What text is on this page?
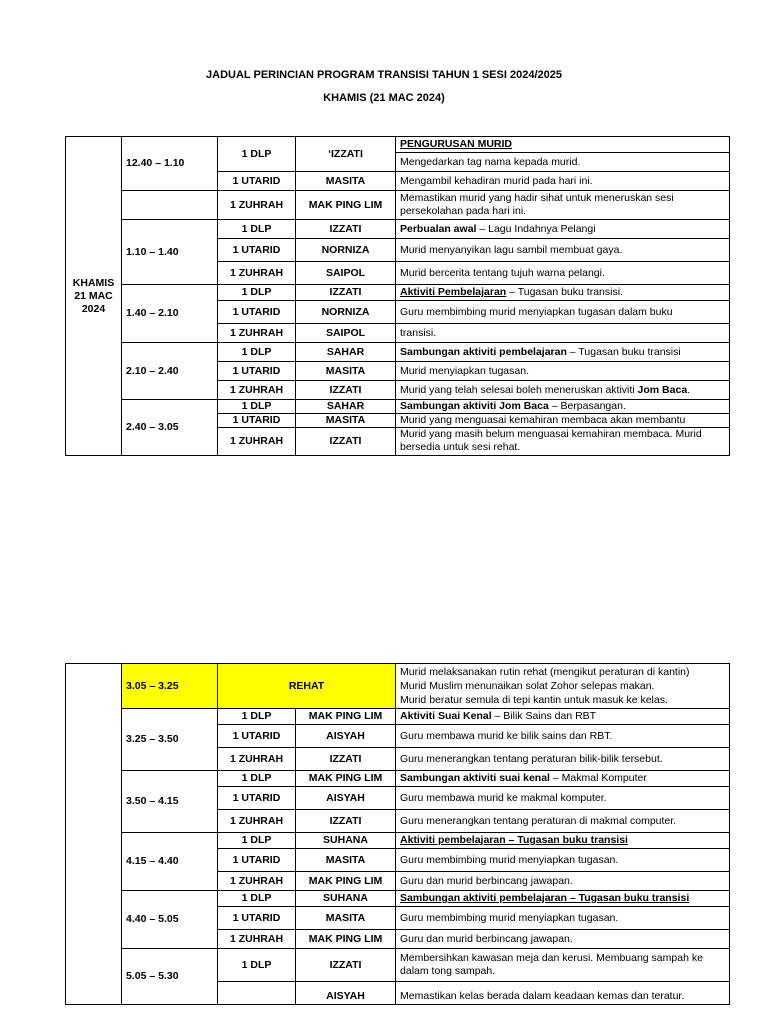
JADUAL PERINCIAN PROGRAM TRANSISI TAHUN 1 SESI 2024/2025
KHAMIS (21 MAC 2024)
KHAMIS
21 MAC
2024	12.40 – 1.10	1 DLP	‘IZZATI	PENGURUSAN MURID
				Mengedarkan tag nama kepada murid.
		1 UTARID	MASITA	Mengambil kehadiran murid pada hari ini.
		1 ZUHRAH	MAK PING LIM	Memastikan murid yang hadir sihat untuk meneruskan sesi persekolahan pada hari ini.
	1.10 – 1.40	1 DLP	IZZATI	Perbualan awal – Lagu Indahnya Pelangi
		1 UTARID	NORNIZA	Murid menyanyikan lagu sambil membuat gaya.
		1 ZUHRAH	SAIPOL	Murid bercerita tentang tujuh warna pelangi.
	1.40 – 2.10	1 DLP	IZZATI	Aktiviti Pembelajaran – Tugasan buku transisi.
		1 UTARID	NORNIZA	Guru membimbing murid menyiapkan tugasan dalam buku
		1 ZUHRAH	SAIPOL	transisi.
	2.10 – 2.40	1 DLP	SAHAR	Sambungan aktiviti pembelajaran – Tugasan buku transisi
		1 UTARID	MASITA	Murid menyiapkan tugasan.
		1 ZUHRAH	IZZATI	Murid yang telah selesai boleh meneruskan aktiviti Jom Baca.
	2.40 – 3.05	1 DLP	SAHAR	Sambungan aktiviti Jom Baca – Berpasangan.
		1 UTARID	MASITA	Murid yang menguasai kemahiran membaca akan membantu
		1 ZUHRAH	IZZATI	Murid yang masih belum menguasai kemahiran membaca. Murid bersedia untuk sesi rehat.
	3.05 – 3.25	REHAT		Murid melaksanakan rutin rehat (mengikut peraturan di kantin)
Murid Muslim menunaikan solat Zohor selepas makan.
Murid beratur semula di tepi kantin untuk masuk ke kelas.
	3.25 – 3.50	1 DLP	MAK PING LIM	Aktiviti Suai Kenal – Bilik Sains dan RBT
		1 UTARID	AISYAH	Guru membawa murid ke bilik sains dan RBT.
		1 ZUHRAH	IZZATI	Guru menerangkan tentang peraturan bilik-bilik tersebut.
	3.50 – 4.15	1 DLP	MAK PING LIM	Sambungan aktiviti suai kenal – Makmal Komputer
		1 UTARID	AISYAH	Guru membawa murid ke makmal komputer.
		1 ZUHRAH	IZZATI	Guru menerangkan tentang peraturan di makmal computer.
	4.15 – 4.40	1 DLP	SUHANA	Aktiviti pembelajaran – Tugasan buku transisi
		1 UTARID	MASITA	Guru membimbing murid menyiapkan tugasan.
		1 ZUHRAH	MAK PING LIM	Guru dan murid berbincang jawapan.
	4.40 – 5.05	1 DLP	SUHANA	Sambungan aktiviti pembelajaran – Tugasan buku transisi
		1 UTARID	MASITA	Guru membimbing murid menyiapkan tugasan.
		1 ZUHRAH	MAK PING LIM	Guru dan murid berbincang jawapan.
	5.05 – 5.30	1 DLP	IZZATI	Membersihkan kawasan meja dan kerusi. Membuang sampah ke dalam tong sampah.
			AISYAH	Memastikan kelas berada dalam keadaan kemas dan teratur.
